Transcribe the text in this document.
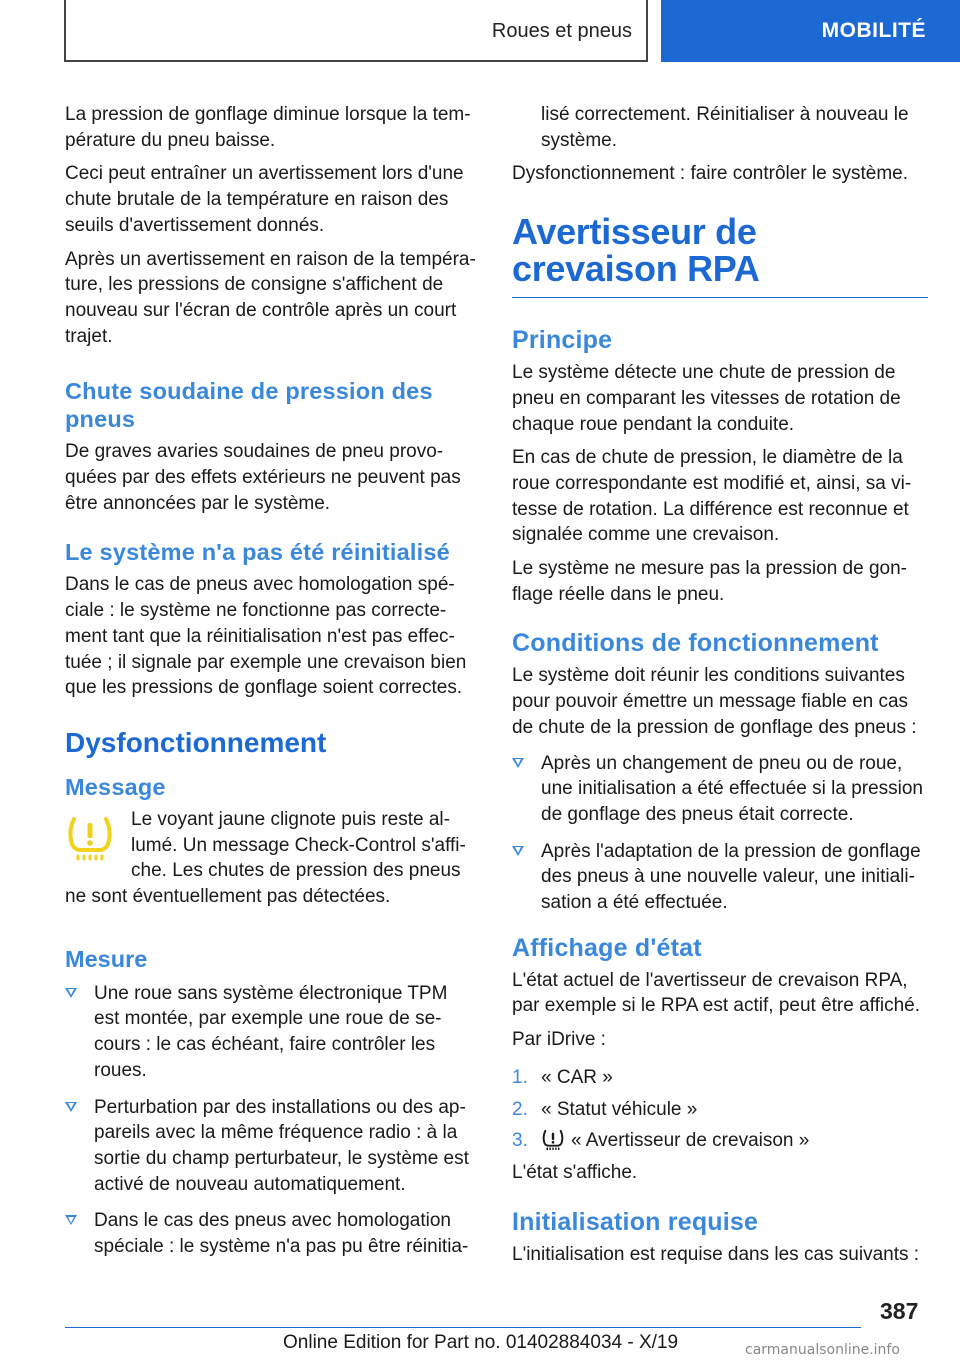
Roues et pneus	MOBILITÉ

La pression de gonflage diminue lorsque la tem-pérature du pneu baisse.

Ceci peut entraîner un avertissement lors d'une chute brutale de la température en raison des seuils d'avertissement donnés.

Après un avertissement en raison de la tempéra-ture, les pressions de consigne s'affichent de nouveau sur l'écran de contrôle après un court trajet.

Chute soudaine de pression des pneus

De graves avaries soudaines de pneu provo-quées par des effets extérieurs ne peuvent pas être annoncées par le système.

Le système n'a pas été réinitialisé

Dans le cas de pneus avec homologation spé-ciale : le système ne fonctionne pas correcte-ment tant que la réinitialisation n'est pas effec-tuée ; il signale par exemple une crevaison bien que les pressions de gonflage soient correctes.

Dysfonctionnement
Message

Le voyant jaune clignote puis reste al-lumé. Un message Check-Control s'affi-che. Les chutes de pression des pneus ne sont éventuellement pas détectées.

Mesure
Une roue sans système électronique TPM est montée, par exemple une roue de se-cours : le cas échéant, faire contrôler les roues.
Perturbation par des installations ou des ap-pareils avec la même fréquence radio : à la sortie du champ perturbateur, le système est activé de nouveau automatiquement.
Dans le cas des pneus avec homologation spéciale : le système n'a pas pu être réinitia-

lisé correctement. Réinitialiser à nouveau le système.

Dysfonctionnement : faire contrôler le système.

Avertisseur de crevaison RPA
Principe

Le système détecte une chute de pression de pneu en comparant les vitesses de rotation de chaque roue pendant la conduite.

En cas de chute de pression, le diamètre de la roue correspondante est modifié et, ainsi, sa vi-tesse de rotation. La différence est reconnue et signalée comme une crevaison.

Le système ne mesure pas la pression de gon-flage réelle dans le pneu.

Conditions de fonctionnement

Le système doit réunir les conditions suivantes pour pouvoir émettre un message fiable en cas de chute de la pression de gonflage des pneus :

Après un changement de pneu ou de roue, une initialisation a été effectuée si la pression de gonflage des pneus était correcte.
Après l'adaptation de la pression de gonflage des pneus à une nouvelle valeur, une initiali-sation a été effectuée.
Affichage d'état

L'état actuel de l'avertisseur de crevaison RPA, par exemple si le RPA est actif, peut être affiché.

Par iDrive :

1. « CAR »
2. « Statut véhicule »
3. « Avertisseur de crevaison »

L'état s'affiche.

Initialisation requise

L'initialisation est requise dans les cas suivants :

387
Online Edition for Part no. 01402884034 - X/19	carmanualsonline.info
